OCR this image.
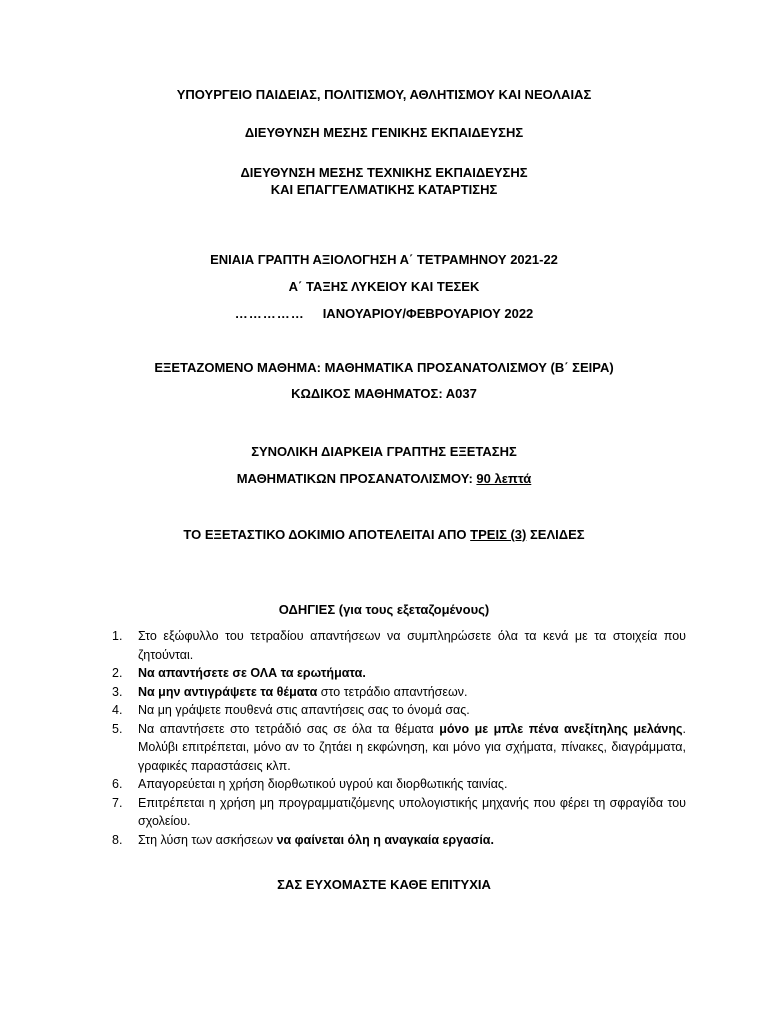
ΥΠΟΥΡΓΕΙΟ ΠΑΙΔΕΙΑΣ, ΠΟΛΙΤΙΣΜΟΥ, ΑΘΛΗΤΙΣΜΟΥ ΚΑΙ ΝΕΟΛΑΙΑΣ
ΔΙΕΥΘΥΝΣΗ ΜΕΣΗΣ ΓΕΝΙΚΗΣ ΕΚΠΑΙΔΕΥΣΗΣ
ΔΙΕΥΘΥΝΣΗ ΜΕΣΗΣ ΤΕΧΝΙΚΗΣ ΕΚΠΑΙΔΕΥΣΗΣ
ΚΑΙ ΕΠΑΓΓΕΛΜΑΤΙΚΗΣ ΚΑΤΑΡΤΙΣΗΣ
ΕΝΙΑΙΑ ΓΡΑΠΤΗ ΑΞΙΟΛΟΓΗΣΗ Α΄ ΤΕΤΡΑΜΗΝΟΥ 2021-22
Α΄ ΤΑΞΗΣ ΛΥΚΕΙΟΥ ΚΑΙ ΤΕΣΕΚ
…………… ΙΑΝΟΥΑΡΙΟΥ/ΦΕΒΡΟΥΑΡΙΟΥ 2022
ΕΞΕΤΑΖΟΜΕΝΟ ΜΑΘΗΜΑ: ΜΑΘΗΜΑΤΙΚΑ ΠΡΟΣΑΝΑΤΟΛΙΣΜΟΥ (Β΄ ΣΕΙΡΑ)
ΚΩΔΙΚΟΣ ΜΑΘΗΜΑΤΟΣ: Α037
ΣΥΝΟΛΙΚΗ ΔΙΑΡΚΕΙΑ ΓΡΑΠΤΗΣ ΕΞΕΤΑΣΗΣ
ΜΑΘΗΜΑΤΙΚΩΝ ΠΡΟΣΑΝΑΤΟΛΙΣΜΟΥ: 90 λεπτά
ΤΟ ΕΞΕΤΑΣΤΙΚΟ ΔΟΚΙΜΙΟ ΑΠΟΤΕΛΕΙΤΑΙ ΑΠΟ ΤΡΕΙΣ (3) ΣΕΛΙΔΕΣ
ΟΔΗΓΙΕΣ (για τους εξεταζομένους)
1. Στο εξώφυλλο του τετραδίου απαντήσεων να συμπληρώσετε όλα τα κενά με τα στοιχεία που ζητούνται.
2. Να απαντήσετε σε ΟΛΑ τα ερωτήματα.
3. Να μην αντιγράψετε τα θέματα στο τετράδιο απαντήσεων.
4. Να μη γράψετε πουθενά στις απαντήσεις σας το όνομά σας.
5. Να απαντήσετε στο τετράδιό σας σε όλα τα θέματα μόνο με μπλε πένα ανεξίτηλης μελάνης. Μολύβι επιτρέπεται, μόνο αν το ζητάει η εκφώνηση, και μόνο για σχήματα, πίνακες, διαγράμματα, γραφικές παραστάσεις κλπ.
6. Απαγορεύεται η χρήση διορθωτικού υγρού και διορθωτικής ταινίας.
7. Επιτρέπεται η χρήση μη προγραμματιζόμενης υπολογιστικής μηχανής που φέρει τη σφραγίδα του σχολείου.
8. Στη λύση των ασκήσεων να φαίνεται όλη η αναγκαία εργασία.
ΣΑΣ ΕΥΧΟΜΑΣΤΕ ΚΑΘΕ ΕΠΙΤΥΧΙΑ
